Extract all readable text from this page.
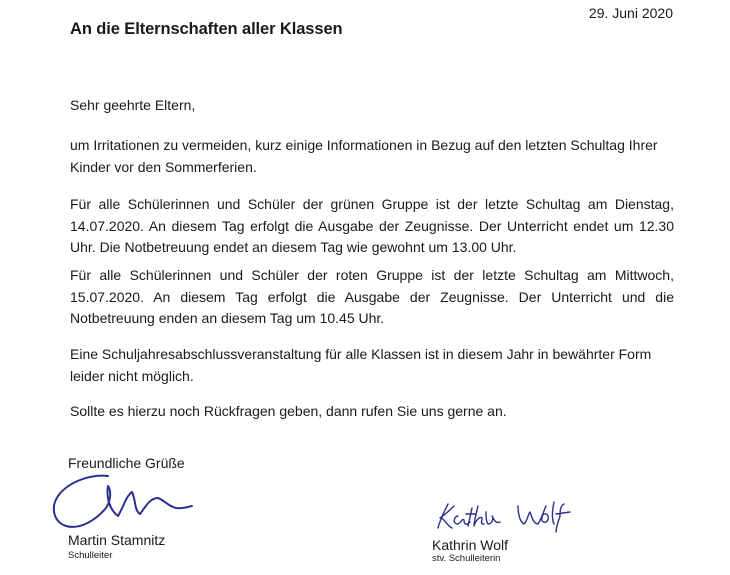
29. Juni 2020
An die Elternschaften aller Klassen

Sehr geehrte Eltern,

um Irritationen zu vermeiden, kurz einige Informationen in Bezug auf den letzten Schultag Ihrer Kinder vor den Sommerferien.

Für alle Schülerinnen und Schüler der grünen Gruppe ist der letzte Schultag am Dienstag, 14.07.2020. An diesem Tag erfolgt die Ausgabe der Zeugnisse. Der Unterricht endet um 12.30 Uhr. Die Notbetreuung endet an diesem Tag wie gewohnt um 13.00 Uhr.

Für alle Schülerinnen und Schüler der roten Gruppe ist der letzte Schultag am Mittwoch, 15.07.2020. An diesem Tag erfolgt die Ausgabe der Zeugnisse. Der Unterricht und die Notbetreuung enden an diesem Tag um 10.45 Uhr.

Eine Schuljahresabschlussveranstaltung für alle Klassen ist in diesem Jahr in bewährter Form leider nicht möglich.

Sollte es hierzu noch Rückfragen geben, dann rufen Sie uns gerne an.

Freundliche Grüße
Martin Stamnitz
Schulleiter
Kathrin Wolf
stv. Schulleiterin
